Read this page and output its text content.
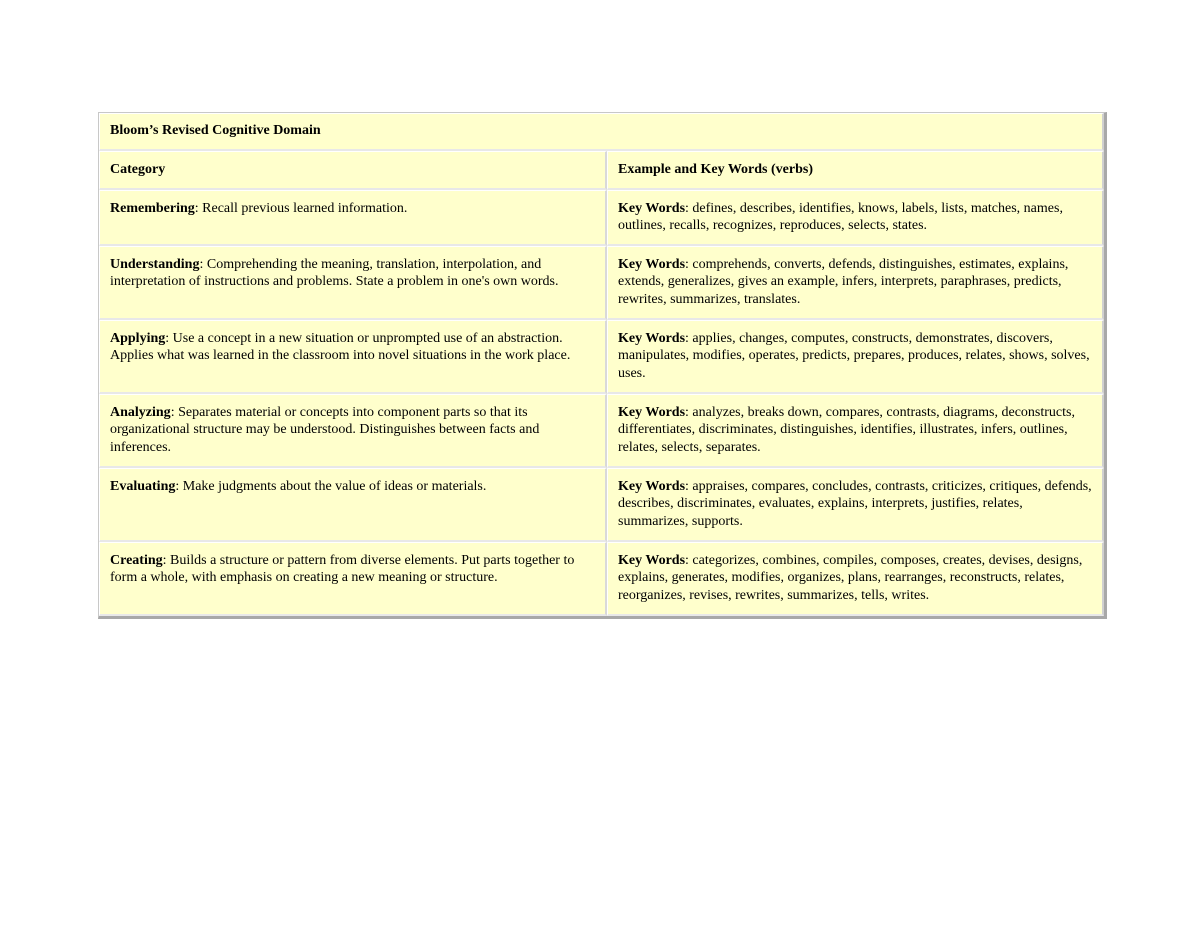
Bloom’s Revised Cognitive Domain	
Category	Example and Key Words (verbs)
Remembering: Recall previous learned information.	Key Words: defines, describes, identifies, knows, labels, lists, matches, names, outlines, recalls, recognizes, reproduces, selects, states.
Understanding: Comprehending the meaning, translation, interpolation, and interpretation of instructions and problems. State a problem in one's own words.	Key Words: comprehends, converts, defends, distinguishes, estimates, explains, extends, generalizes, gives an example, infers, interprets, paraphrases, predicts, rewrites, summarizes, translates.
Applying: Use a concept in a new situation or unprompted use of an abstraction. Applies what was learned in the classroom into novel situations in the work place.	Key Words: applies, changes, computes, constructs, demonstrates, discovers, manipulates, modifies, operates, predicts, prepares, produces, relates, shows, solves, uses.
Analyzing: Separates material or concepts into component parts so that its organizational structure may be understood. Distinguishes between facts and inferences.	Key Words: analyzes, breaks down, compares, contrasts, diagrams, deconstructs, differentiates, discriminates, distinguishes, identifies, illustrates, infers, outlines, relates, selects, separates.
Evaluating: Make judgments about the value of ideas or materials.	Key Words: appraises, compares, concludes, contrasts, criticizes, critiques, defends, describes, discriminates, evaluates, explains, interprets, justifies, relates, summarizes, supports.
Creating: Builds a structure or pattern from diverse elements. Put parts together to form a whole, with emphasis on creating a new meaning or structure.	Key Words: categorizes, combines, compiles, composes, creates, devises, designs, explains, generates, modifies, organizes, plans, rearranges, reconstructs, relates, reorganizes, revises, rewrites, summarizes, tells, writes.
